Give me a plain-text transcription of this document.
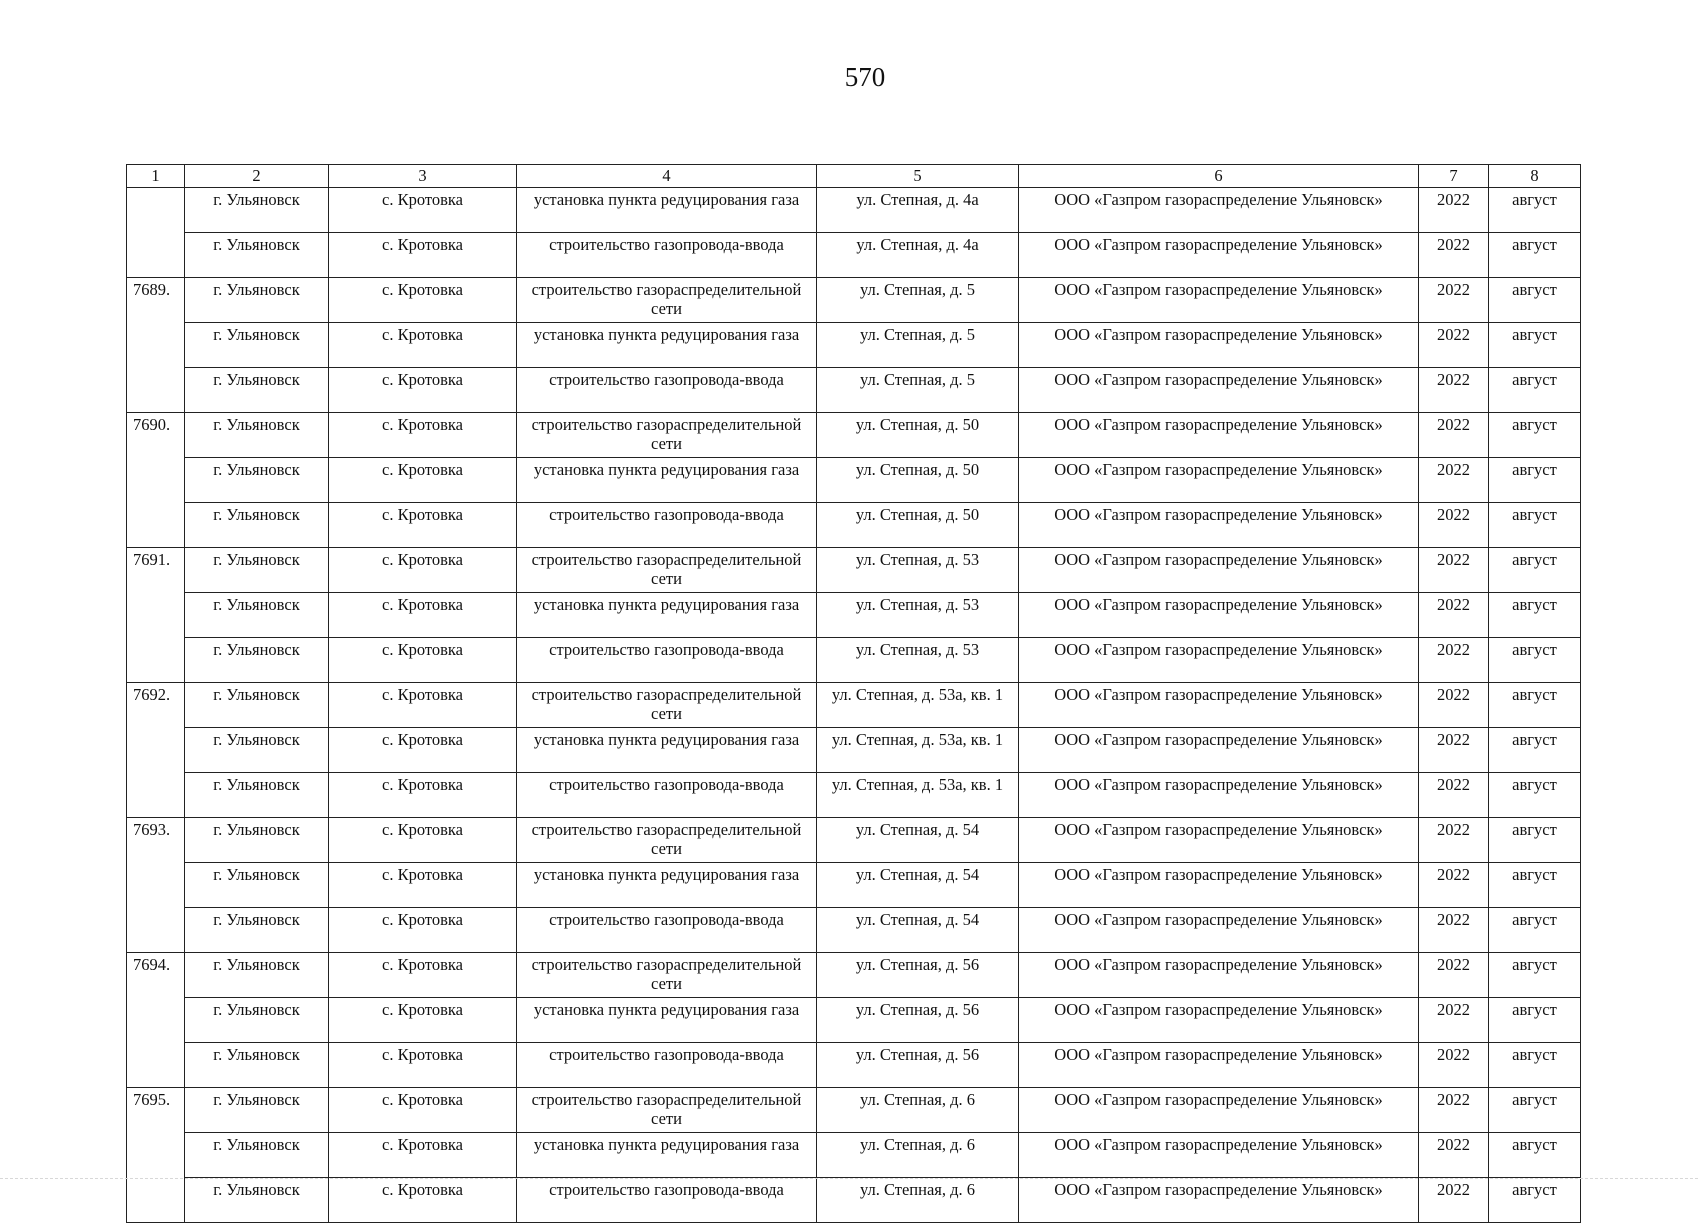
570
1	2	3	4	5	6	7	8
	г. Ульяновск	с. Кротовка	установка пункта редуцирования газа	ул. Степная, д. 4а	ООО «Газпром газораспределение Ульяновск»	2022	август
	г. Ульяновск	с. Кротовка	строительство газопровода-ввода	ул. Степная, д. 4а	ООО «Газпром газораспределение Ульяновск»	2022	август
7689.	г. Ульяновск	с. Кротовка	строительство газораспределительной сети	ул. Степная, д. 5	ООО «Газпром газораспределение Ульяновск»	2022	август
	г. Ульяновск	с. Кротовка	установка пункта редуцирования газа	ул. Степная, д. 5	ООО «Газпром газораспределение Ульяновск»	2022	август
	г. Ульяновск	с. Кротовка	строительство газопровода-ввода	ул. Степная, д. 5	ООО «Газпром газораспределение Ульяновск»	2022	август
7690.	г. Ульяновск	с. Кротовка	строительство газораспределительной сети	ул. Степная, д. 50	ООО «Газпром газораспределение Ульяновск»	2022	август
	г. Ульяновск	с. Кротовка	установка пункта редуцирования газа	ул. Степная, д. 50	ООО «Газпром газораспределение Ульяновск»	2022	август
	г. Ульяновск	с. Кротовка	строительство газопровода-ввода	ул. Степная, д. 50	ООО «Газпром газораспределение Ульяновск»	2022	август
7691.	г. Ульяновск	с. Кротовка	строительство газораспределительной сети	ул. Степная, д. 53	ООО «Газпром газораспределение Ульяновск»	2022	август
	г. Ульяновск	с. Кротовка	установка пункта редуцирования газа	ул. Степная, д. 53	ООО «Газпром газораспределение Ульяновск»	2022	август
	г. Ульяновск	с. Кротовка	строительство газопровода-ввода	ул. Степная, д. 53	ООО «Газпром газораспределение Ульяновск»	2022	август
7692.	г. Ульяновск	с. Кротовка	строительство газораспределительной сети	ул. Степная, д. 53а, кв. 1	ООО «Газпром газораспределение Ульяновск»	2022	август
	г. Ульяновск	с. Кротовка	установка пункта редуцирования газа	ул. Степная, д. 53а, кв. 1	ООО «Газпром газораспределение Ульяновск»	2022	август
	г. Ульяновск	с. Кротовка	строительство газопровода-ввода	ул. Степная, д. 53а, кв. 1	ООО «Газпром газораспределение Ульяновск»	2022	август
7693.	г. Ульяновск	с. Кротовка	строительство газораспределительной сети	ул. Степная, д. 54	ООО «Газпром газораспределение Ульяновск»	2022	август
	г. Ульяновск	с. Кротовка	установка пункта редуцирования газа	ул. Степная, д. 54	ООО «Газпром газораспределение Ульяновск»	2022	август
	г. Ульяновск	с. Кротовка	строительство газопровода-ввода	ул. Степная, д. 54	ООО «Газпром газораспределение Ульяновск»	2022	август
7694.	г. Ульяновск	с. Кротовка	строительство газораспределительной сети	ул. Степная, д. 56	ООО «Газпром газораспределение Ульяновск»	2022	август
	г. Ульяновск	с. Кротовка	установка пункта редуцирования газа	ул. Степная, д. 56	ООО «Газпром газораспределение Ульяновск»	2022	август
	г. Ульяновск	с. Кротовка	строительство газопровода-ввода	ул. Степная, д. 56	ООО «Газпром газораспределение Ульяновск»	2022	август
7695.	г. Ульяновск	с. Кротовка	строительство газораспределительной сети	ул. Степная, д. 6	ООО «Газпром газораспределение Ульяновск»	2022	август
	г. Ульяновск	с. Кротовка	установка пункта редуцирования газа	ул. Степная, д. 6	ООО «Газпром газораспределение Ульяновск»	2022	август
	г. Ульяновск	с. Кротовка	строительство газопровода-ввода	ул. Степная, д. 6	ООО «Газпром газораспределение Ульяновск»	2022	август
